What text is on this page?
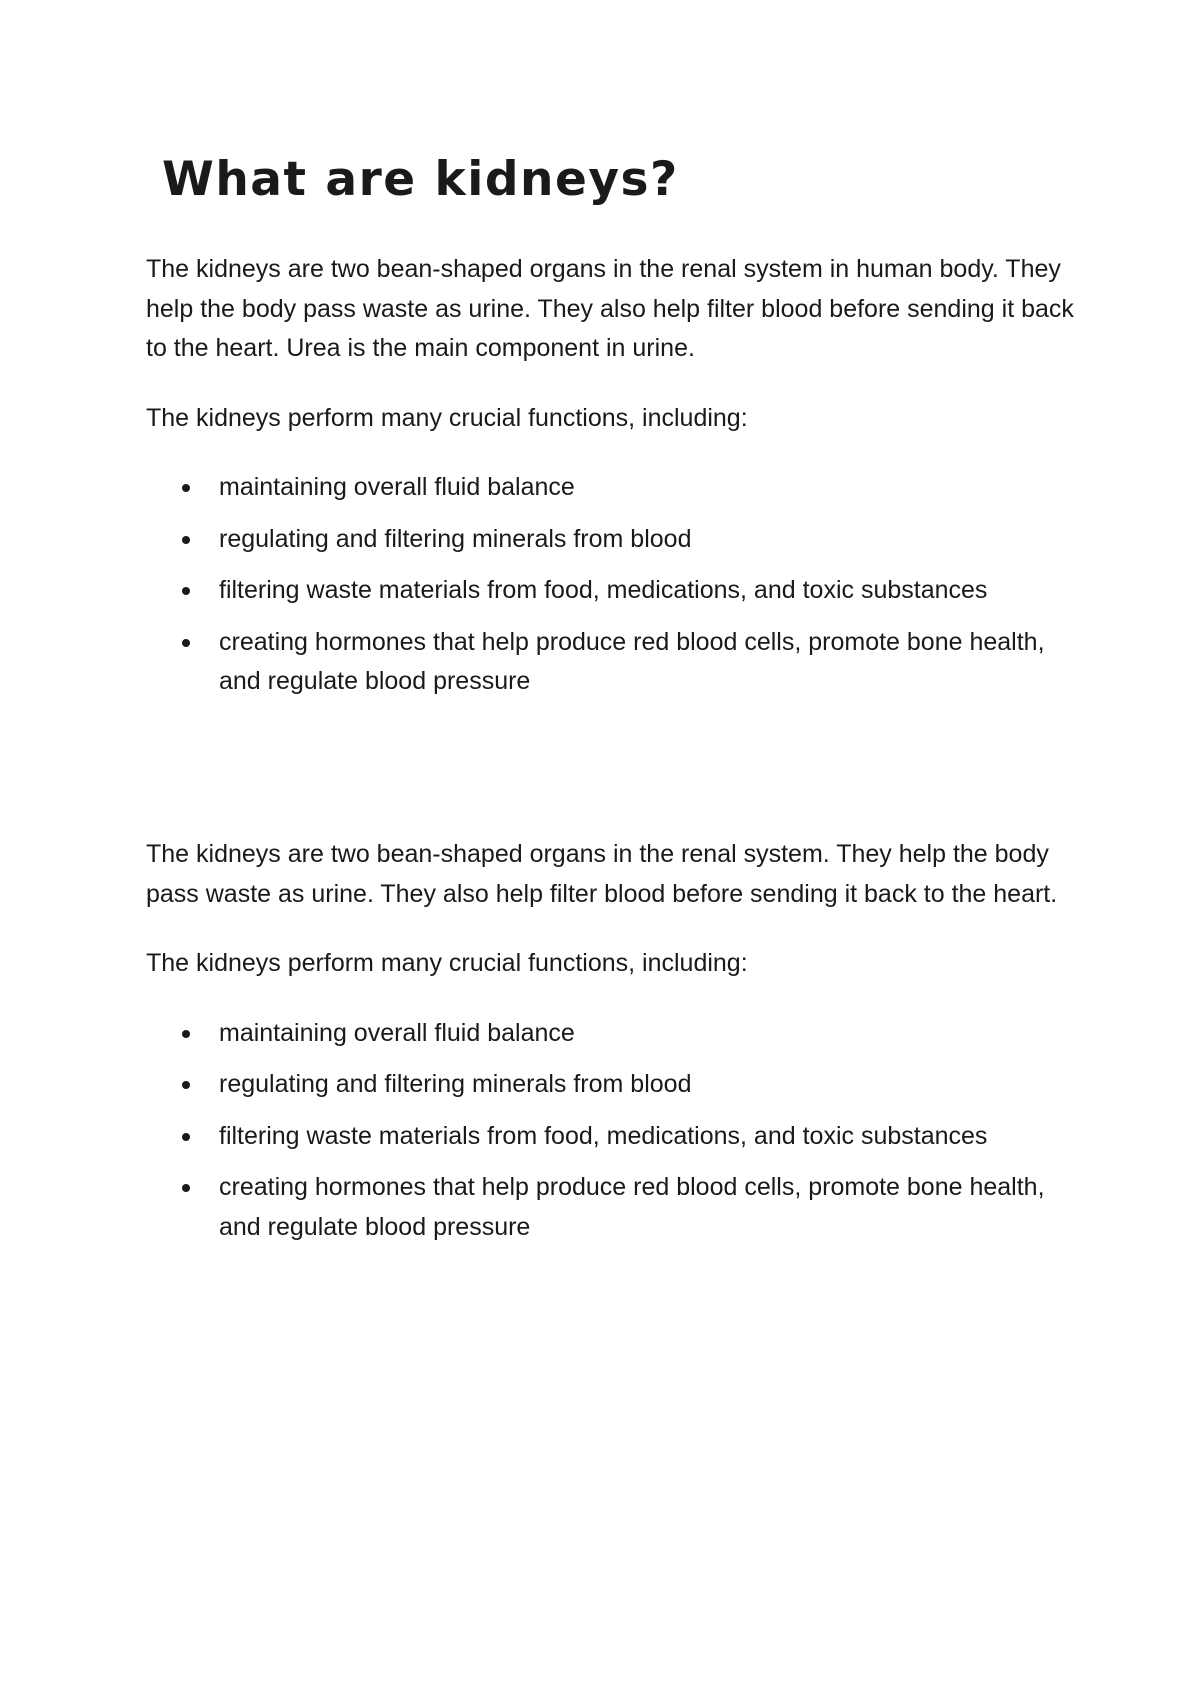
What are kidneys?

The kidneys are two bean-shaped organs in the renal system in human body. They help the body pass waste as urine. They also help filter blood before sending it back to the heart. Urea is the main component in urine.

The kidneys perform many crucial functions, including:

maintaining overall fluid balance
regulating and filtering minerals from blood
filtering waste materials from food, medications, and toxic substances
creating hormones that help produce red blood cells, promote bone health, and regulate blood pressure

The kidneys are two bean-shaped organs in the renal system. They help the body pass waste as urine. They also help filter blood before sending it back to the heart.

The kidneys perform many crucial functions, including:

maintaining overall fluid balance
regulating and filtering minerals from blood
filtering waste materials from food, medications, and toxic substances
creating hormones that help produce red blood cells, promote bone health, and regulate blood pressure
